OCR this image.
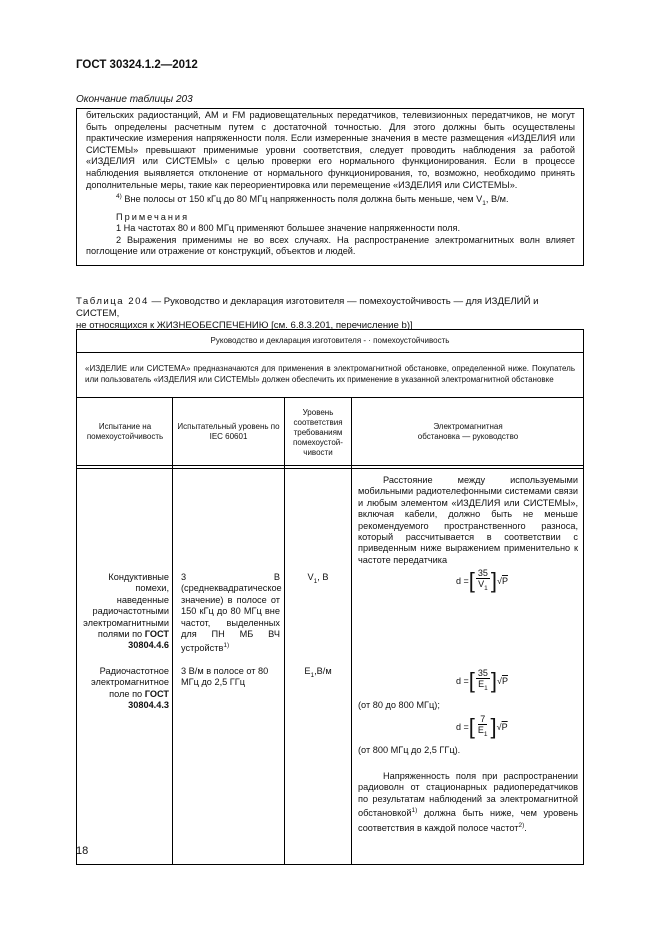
ГОСТ 30324.1.2—2012
Окончание таблицы 203

бительских радиостанций, АМ и FM радиовещательных передатчиков, телевизионных передатчиков, не могут быть определены расчетным путем с достаточной точностью. Для этого должны быть осуществлены практические измерения напряженности поля. Если измеренные значения в месте размещения «ИЗДЕЛИЯ или СИСТЕМЫ» превышают применимые уровни соответствия, следует проводить наблюдения за работой «ИЗДЕЛИЯ или СИСТЕМЫ» с целью проверки его нормального функционирования. Если в процессе наблюдения выявляется отклонение от нормального функционирования, то, возможно, необходимо принять дополнительные меры, такие как переориентировка или перемещение «ИЗДЕЛИЯ или СИСТЕМЫ».

$^{4)}$ Вне полосы от 150 кГц до 80 МГц напряженность поля должна быть меньше, чем $V_1$, В/м.

Примечания

1 На частотах 80 и 800 МГц применяют большее значение напряженности поля.

2 Выражения применимы не во всех случаях. На распространение электромагнитных волн влияет поглощение или отражение от конструкций, объектов и людей.

Таблица 204 — Руководство и декларация изготовителя — помехоустойчивость — для ИЗДЕЛИЙ и СИСТЕМ,
не относящихся к ЖИЗНЕОБЕСПЕЧЕНИЮ [см. 6.8.3.201, перечисление b)]
Руководство и декларация изготовителя - · помехоустойчивость
«ИЗДЕЛИЕ или СИСТЕМА» предназначаются для применения в электромагнитной обстановке, определенной ниже. Покупатель или пользователь «ИЗДЕЛИЯ или СИСТЕМЫ» должен обеспечить их применение в указанной электромагнитной обстановке
Испытание на помехоустойчивость
Испытательный уровень по IEC 60601
Уровень соответствия требованиям помехоустой-чивости
Электромагнитная
обстановка — руководство
Расстояние между используемыми мобильными радиотелефонными системами связи и любым элементом «ИЗДЕЛИЯ или СИСТЕМЫ», включая кабели, должно быть не меньше рекомендуемого пространственного разноса, который рассчитывается в соответствии с приведенным ниже выражением применительно к частоте передатчика
Кондуктивные помехи, наведенные радиочастотными электромагнитными полями по ГОСТ 30804.4.6
3 В (среднеквадратическое значение) в полосе от 150 кГц до 80 МГц вне частот, выделенных для ПН МБ ВЧ устройств$^{1)}$
$V_1$, В
Радиочастотное электромагнитное поле по ГОСТ 30804.4.3
3 В/м в полосе от 80 МГц до 2,5 ГГц
$E_1,В/м$
d = [ $\frac{35}{V_1}$ ] √P
d = [ $\frac{35}{E_1}$ ] √P
(от 80 до 800 МГц);
d = [ $\frac{7}{E_1}$ ] √P
(от 800 МГц до 2,5 ГГц).
Напряженность поля при распространении радиоволн от стационарных радиопередатчиков по результатам наблюдений за электромагнитной обстановкой$^{1)}$ должна быть ниже, чем уровень соответствия в каждой полосе частот$^{2)}$.
18
